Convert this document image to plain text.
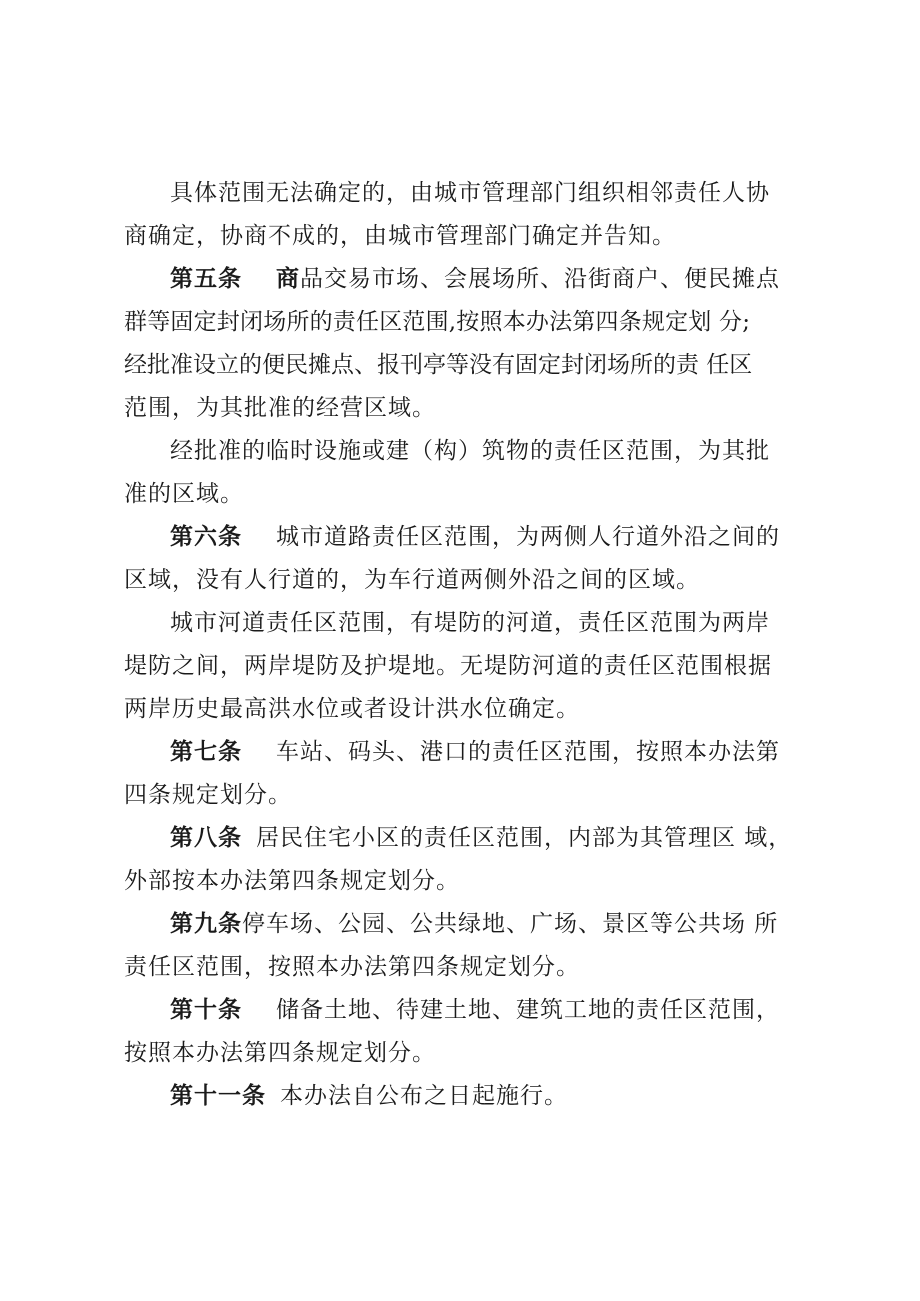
具体范围无法确定的，由城市管理部门组织相邻责任人协
商确定，协商不成的，由城市管理部门确定并告知。
第五条 商品交易市场、会展场所、沿街商户、便民摊点
群等固定封闭场所的责任区范围,按照本办法第四条规定划 分;
经批准设立的便民摊点、报刊亭等没有固定封闭场所的责 任区
范围，为其批准的经营区域。
经批准的临时设施或建（构）筑物的责任区范围，为其批
准的区域。
第六条 城市道路责任区范围，为两侧人行道外沿之间的
区域，没有人行道的，为车行道两侧外沿之间的区域。
城市河道责任区范围，有堤防的河道，责任区范围为两岸
堤防之间，两岸堤防及护堤地。无堤防河道的责任区范围根据
两岸历史最高洪水位或者设计洪水位确定。
第七条 车站、码头、港口的责任区范围，按照本办法第
四条规定划分。
第八条 居民住宅小区的责任区范围，内部为其管理区 域，
外部按本办法第四条规定划分。
第九条停车场、公园、公共绿地、广场、景区等公共场 所
责任区范围，按照本办法第四条规定划分。
第十条 储备土地、待建土地、建筑工地的责任区范围，
按照本办法第四条规定划分。
第十一条 本办法自公布之日起施行。
